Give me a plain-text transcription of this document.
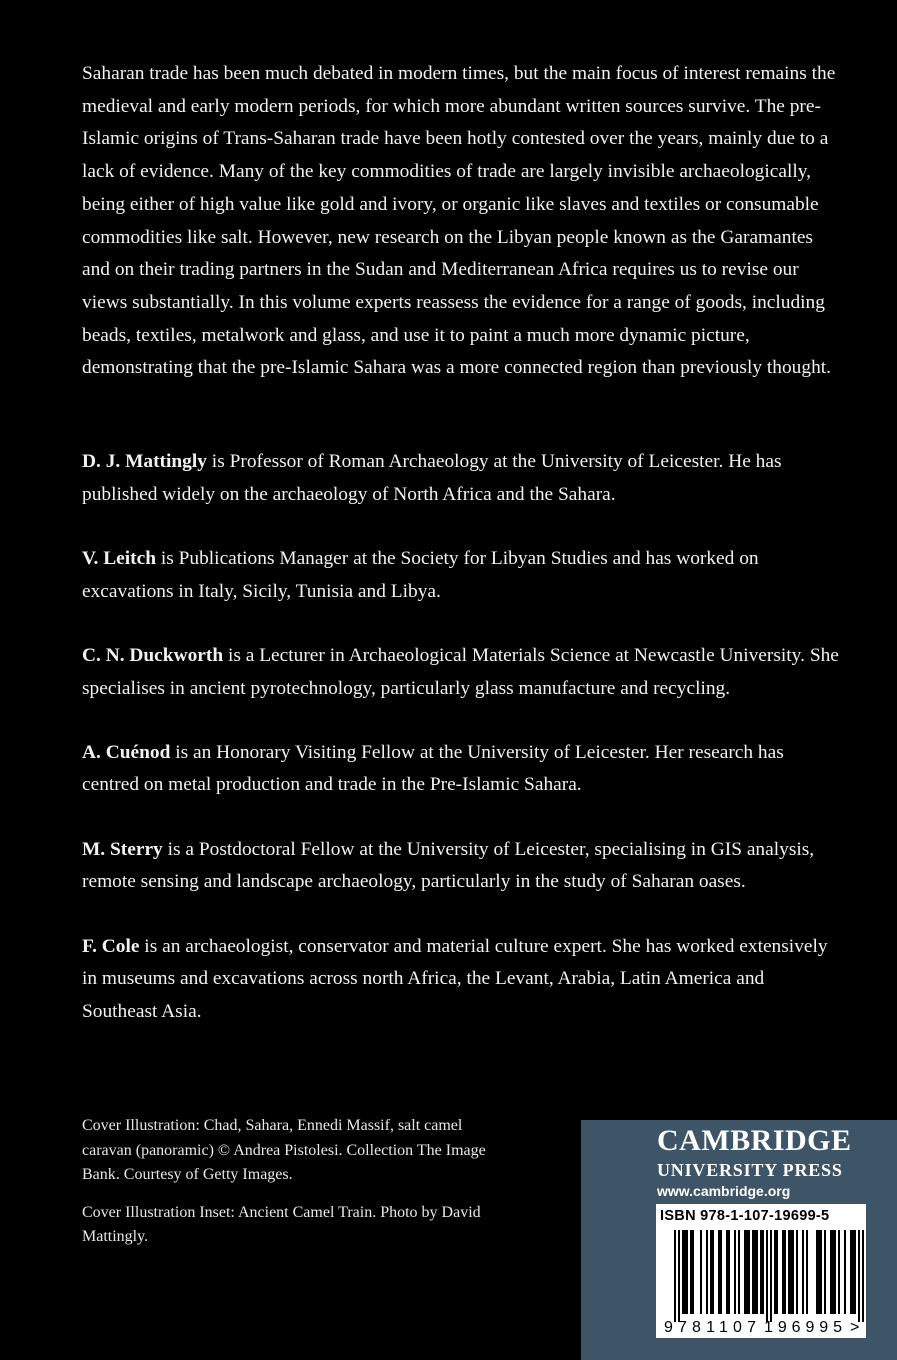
Saharan trade has been much debated in modern times, but the main focus of interest remains the medieval and early modern periods, for which more abundant written sources survive. The pre-Islamic origins of Trans-Saharan trade have been hotly contested over the years, mainly due to a lack of evidence. Many of the key commodities of trade are largely invisible archaeologically, being either of high value like gold and ivory, or organic like slaves and textiles or consumable commodities like salt. However, new research on the Libyan people known as the Garamantes and on their trading partners in the Sudan and Mediterranean Africa requires us to revise our views substantially. In this volume experts reassess the evidence for a range of goods, including beads, textiles, metalwork and glass, and use it to paint a much more dynamic picture, demonstrating that the pre-Islamic Sahara was a more connected region than previously thought.

D. J. Mattingly is Professor of Roman Archaeology at the University of Leicester. He has published widely on the archaeology of North Africa and the Sahara.

V. Leitch is Publications Manager at the Society for Libyan Studies and has worked on excavations in Italy, Sicily, Tunisia and Libya.

C. N. Duckworth is a Lecturer in Archaeological Materials Science at Newcastle University. She specialises in ancient pyrotechnology, particularly glass manufacture and recycling.

A. Cuénod is an Honorary Visiting Fellow at the University of Leicester. Her research has centred on metal production and trade in the Pre-Islamic Sahara.

M. Sterry is a Postdoctoral Fellow at the University of Leicester, specialising in GIS analysis, remote sensing and landscape archaeology, particularly in the study of Saharan oases.

F. Cole is an archaeologist, conservator and material culture expert. She has worked extensively in museums and excavations across north Africa, the Levant, Arabia, Latin America and Southeast Asia.

Cover Illustration: Chad, Sahara, Ennedi Massif, salt camel caravan (panoramic) © Andrea Pistolesi. Collection The Image Bank. Courtesy of Getty Images.

Cover Illustration Inset: Ancient Camel Train. Photo by David Mattingly.

CAMBRIDGE
UNIVERSITY PRESS
www.cambridge.org
ISBN 978-1-107-19699-5
9 781107 196995 >
